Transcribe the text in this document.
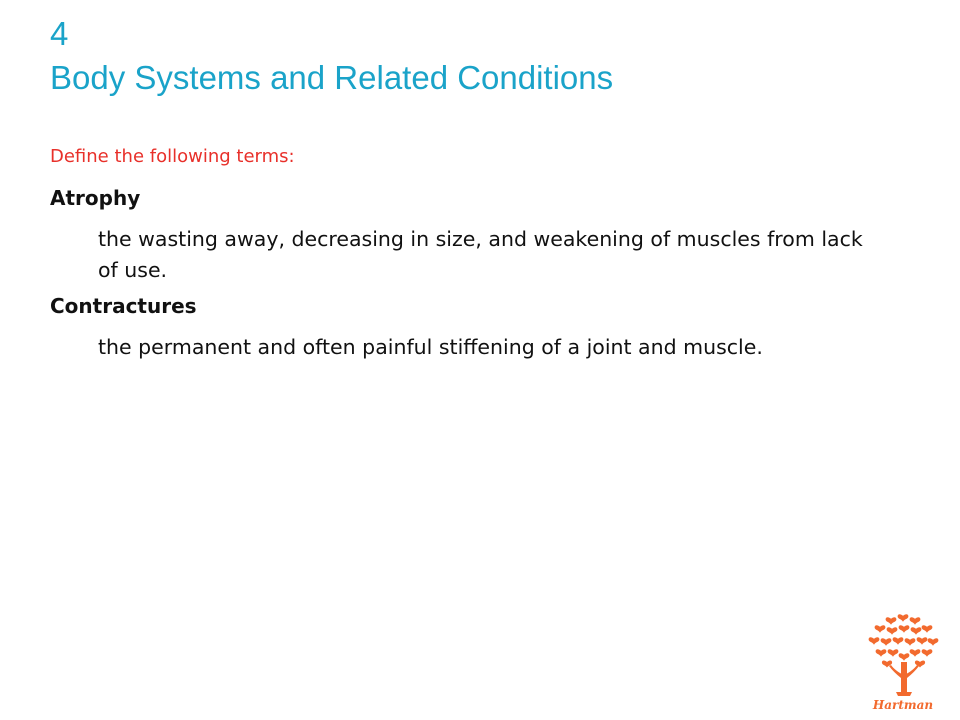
4
Body Systems and Related Conditions
Define the following terms:
Atrophy
the wasting away, decreasing in size, and weakening of muscles from lack of use.
Contractures
the permanent and often painful stiffening of a joint and muscle.
Hartman
